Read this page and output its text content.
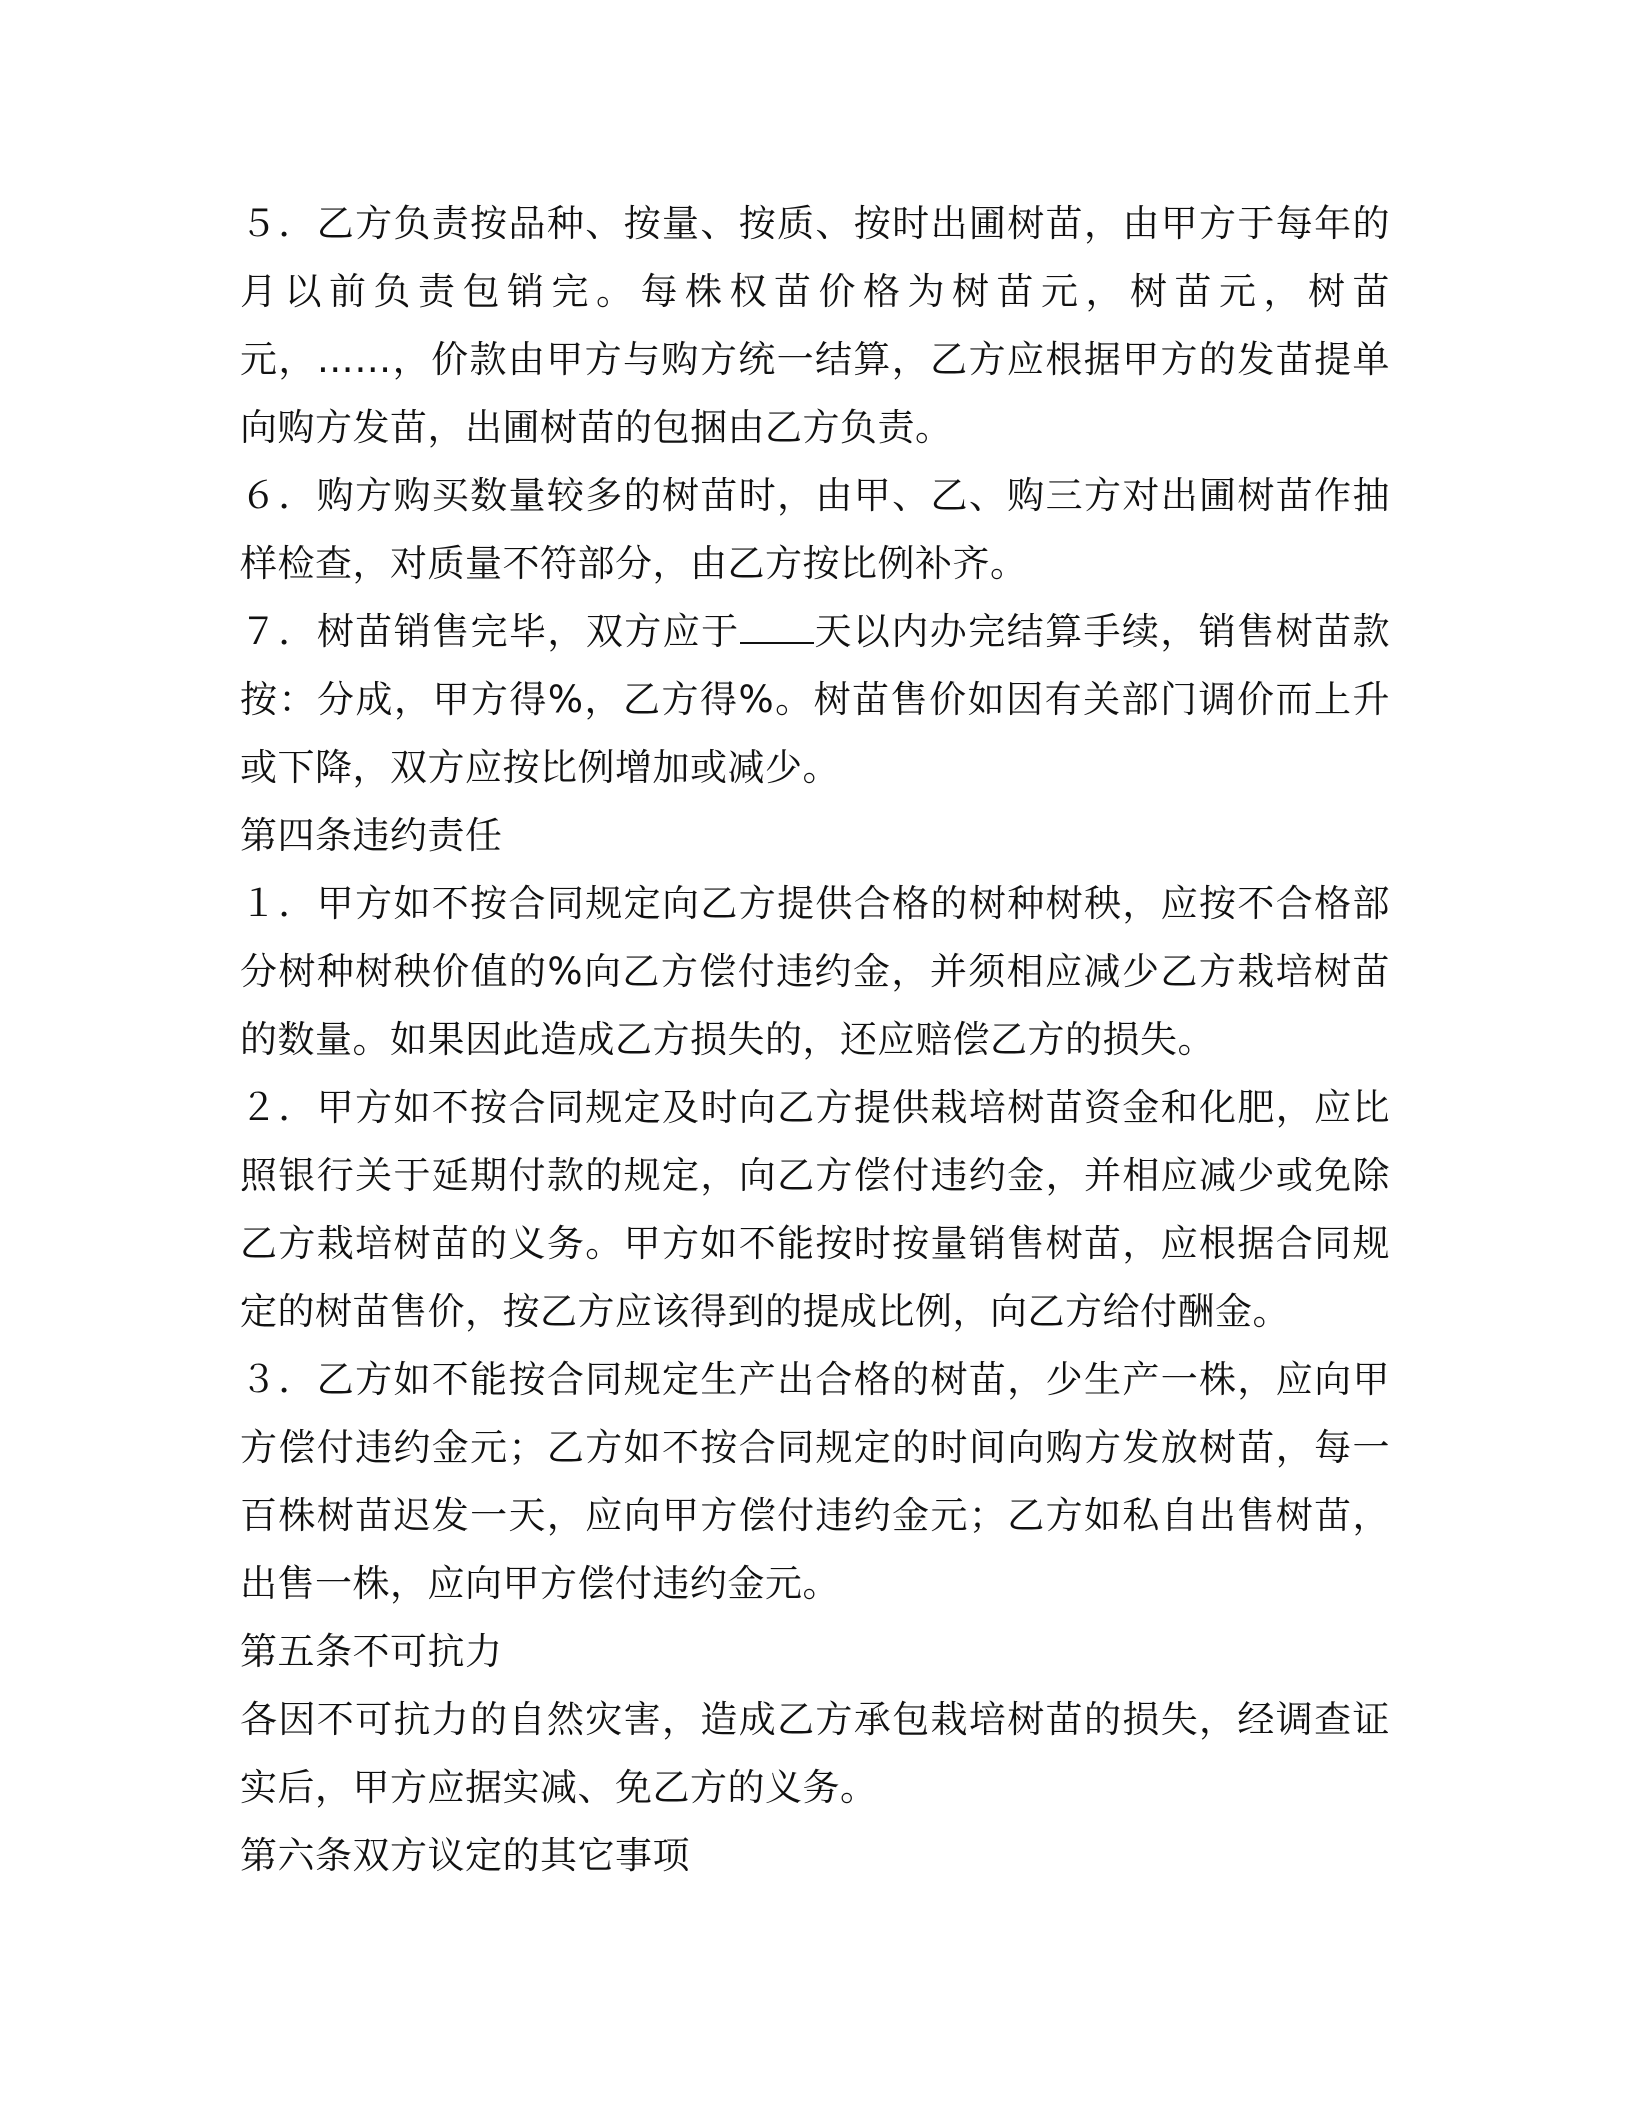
５．乙方负责按品种、按量、按质、按时出圃树苗，由甲方于每年的月以前负责包销完。每株权苗价格为树苗元，树苗元，树苗元，……，价款由甲方与购方统一结算，乙方应根据甲方的发苗提单向购方发苗，出圃树苗的包捆由乙方负责。

６．购方购买数量较多的树苗时，由甲、乙、购三方对出圃树苗作抽样检查，对质量不符部分，由乙方按比例补齐。

７．树苗销售完毕，双方应于 天以内办完结算手续，销售树苗款按：分成，甲方得%，乙方得%。树苗售价如因有关部门调价而上升或下降，双方应按比例增加或减少。

第四条违约责任

１．甲方如不按合同规定向乙方提供合格的树种树秧，应按不合格部分树种树秧价值的%向乙方偿付违约金，并须相应减少乙方栽培树苗的数量。如果因此造成乙方损失的，还应赔偿乙方的损失。

２．甲方如不按合同规定及时向乙方提供栽培树苗资金和化肥，应比照银行关于延期付款的规定，向乙方偿付违约金，并相应减少或免除乙方栽培树苗的义务。甲方如不能按时按量销售树苗，应根据合同规定的树苗售价，按乙方应该得到的提成比例，向乙方给付酬金。

３．乙方如不能按合同规定生产出合格的树苗，少生产一株，应向甲方偿付违约金元；乙方如不按合同规定的时间向购方发放树苗，每一百株树苗迟发一天，应向甲方偿付违约金元；乙方如私自出售树苗，出售一株，应向甲方偿付违约金元。

第五条不可抗力

各因不可抗力的自然灾害，造成乙方承包栽培树苗的损失，经调查证实后，甲方应据实减、免乙方的义务。

第六条双方议定的其它事项
